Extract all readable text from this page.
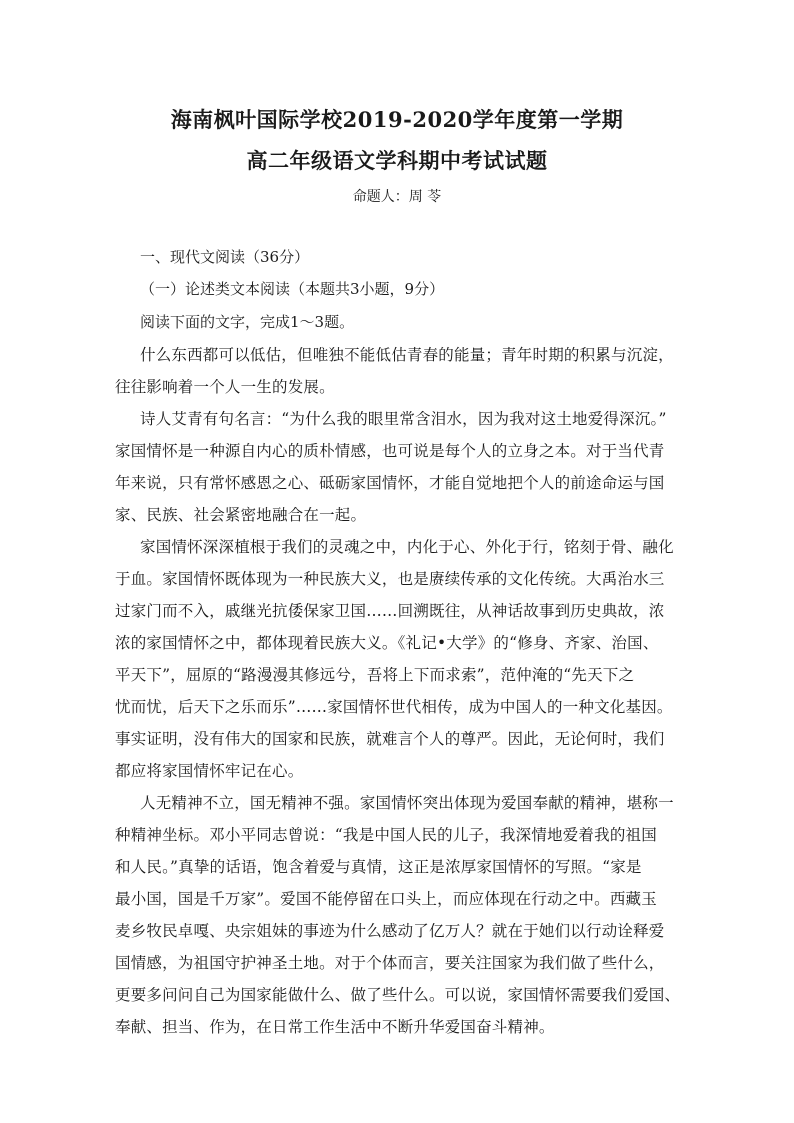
海南枫叶国际学校2019-2020学年度第一学期
高二年级语文学科期中考试试题
命题人：周 苓
一、现代文阅读（36分）
（一）论述类文本阅读（本题共3小题，9分）
阅读下面的文字，完成1～3题。
什么东西都可以低估，但唯独不能低估青春的能量；青年时期的积累与沉淀，
往往影响着一个人一生的发展。
诗人艾青有句名言：“为什么我的眼里常含泪水，因为我对这土地爱得深沉。”
家国情怀是一种源自内心的质朴情感，也可说是每个人的立身之本。对于当代青
年来说，只有常怀感恩之心、砥砺家国情怀，才能自觉地把个人的前途命运与国
家、民族、社会紧密地融合在一起。
家国情怀深深植根于我们的灵魂之中，内化于心、外化于行，铭刻于骨、融化
于血。家国情怀既体现为一种民族大义，也是赓续传承的文化传统。大禹治水三
过家门而不入，戚继光抗倭保家卫国……回溯既往，从神话故事到历史典故，浓
浓的家国情怀之中，都体现着民族大义。《礼记•大学》的“修身、齐家、治国、
平天下”，屈原的“路漫漫其修远兮，吾将上下而求索”，范仲淹的“先天下之
忧而忧，后天下之乐而乐”……家国情怀世代相传，成为中国人的一种文化基因。
事实证明，没有伟大的国家和民族，就难言个人的尊严。因此，无论何时，我们
都应将家国情怀牢记在心。
人无精神不立，国无精神不强。家国情怀突出体现为爱国奉献的精神，堪称一
种精神坐标。邓小平同志曾说：“我是中国人民的儿子，我深情地爱着我的祖国
和人民。”真挚的话语，饱含着爱与真情，这正是浓厚家国情怀的写照。“家是
最小国，国是千万家”。爱国不能停留在口头上，而应体现在行动之中。西藏玉
麦乡牧民卓嘎、央宗姐妹的事迹为什么感动了亿万人？就在于她们以行动诠释爱
国情感，为祖国守护神圣土地。对于个体而言，要关注国家为我们做了些什么，
更要多问问自己为国家能做什么、做了些什么。可以说，家国情怀需要我们爱国、
奉献、担当、作为，在日常工作生活中不断升华爱国奋斗精神。
